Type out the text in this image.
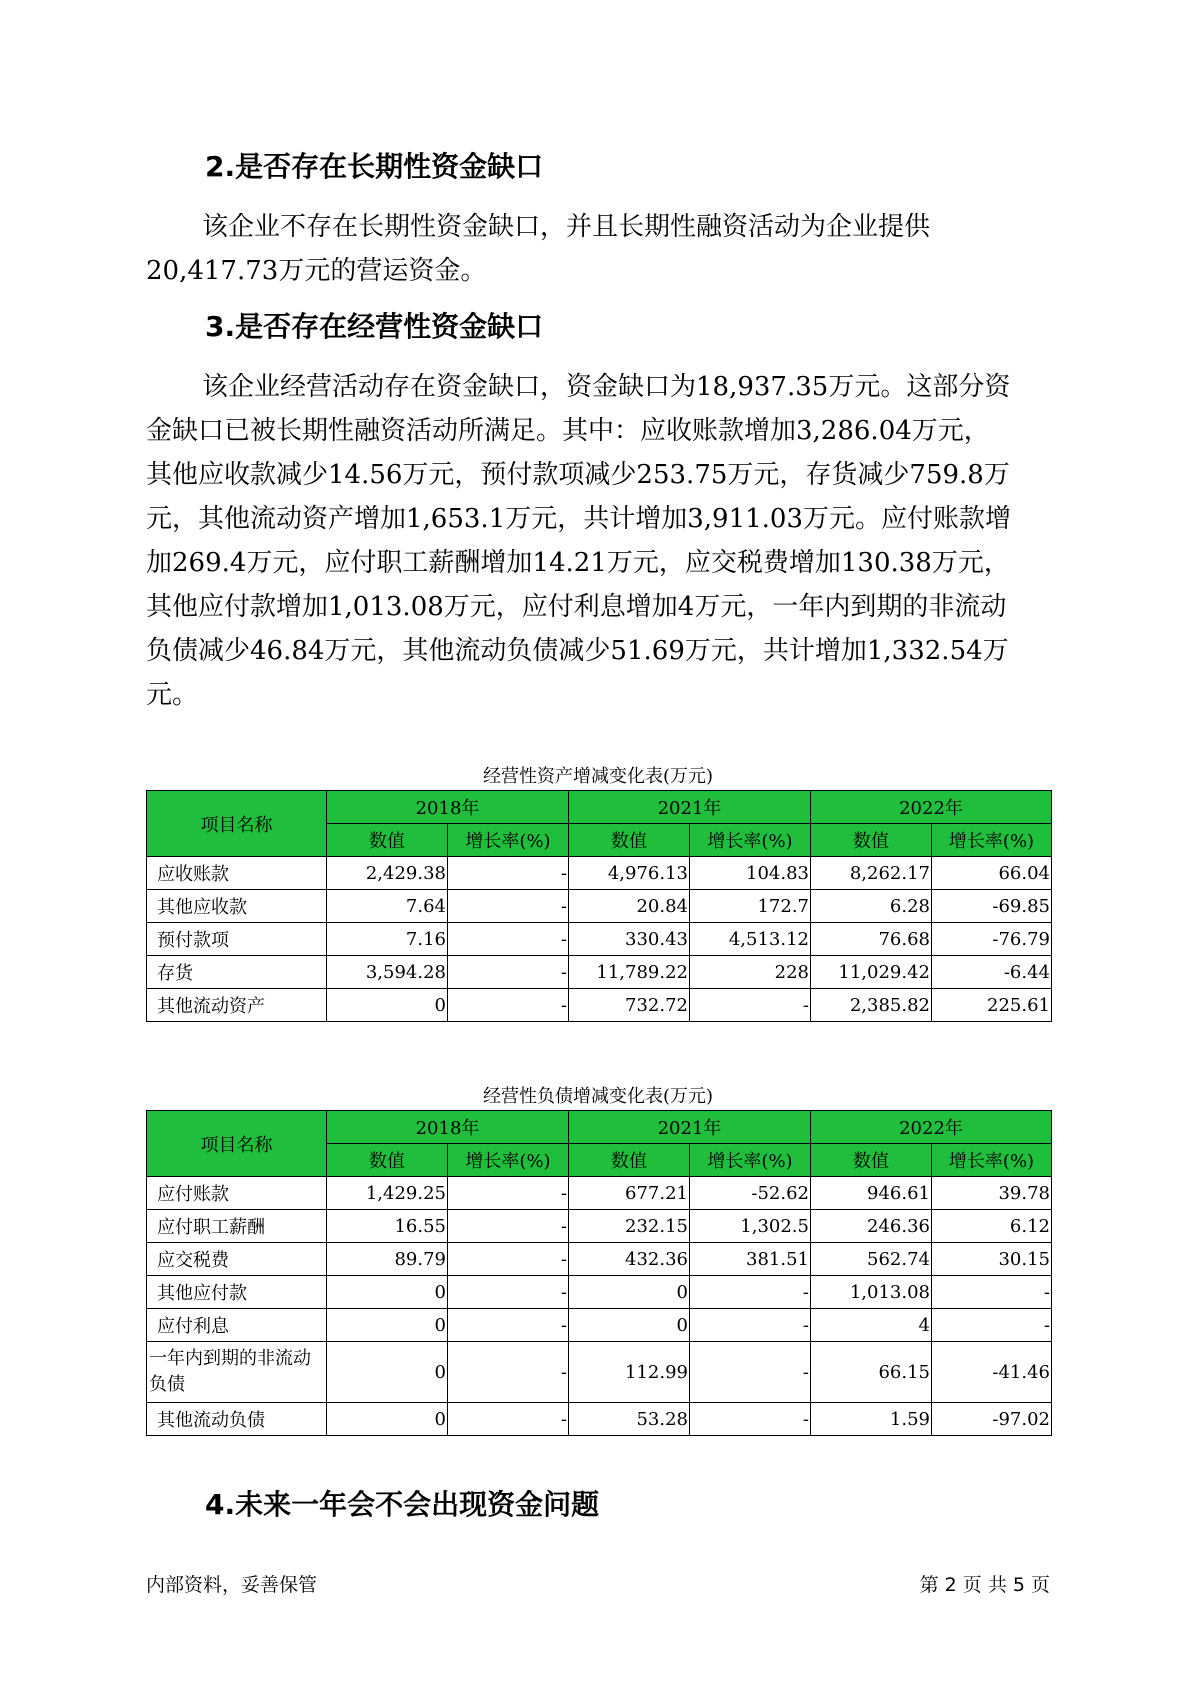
2.是否存在长期性资金缺口
该企业不存在长期性资金缺口，并且长期性融资活动为企业提供
20,417.73万元的营运资金。
3.是否存在经营性资金缺口
该企业经营活动存在资金缺口，资金缺口为18,937.35万元。这部分资
金缺口已被长期性融资活动所满足。其中：应收账款增加3,286.04万元，
其他应收款减少14.56万元，预付款项减少253.75万元，存货减少759.8万
元，其他流动资产增加1,653.1万元，共计增加3,911.03万元。应付账款增
加269.4万元，应付职工薪酬增加14.21万元，应交税费增加130.38万元，
其他应付款增加1,013.08万元，应付利息增加4万元，一年内到期的非流动
负债减少46.84万元，其他流动负债减少51.69万元，共计增加1,332.54万
元。
经营性资产增减变化表(万元)
项目名称	2018年		2021年		2022年	
	数值	增长率(%)	数值	增长率(%)	数值	增长率(%)
应收账款	2,429.38	-	4,976.13	104.83	8,262.17	66.04
其他应收款	7.64	-	20.84	172.7	6.28	-69.85
预付款项	7.16	-	330.43	4,513.12	76.68	-76.79
存货	3,594.28	-	11,789.22	228	11,029.42	-6.44
其他流动资产	0	-	732.72	-	2,385.82	225.61
经营性负债增减变化表(万元)
项目名称	2018年		2021年		2022年	
	数值	增长率(%)	数值	增长率(%)	数值	增长率(%)
应付账款	1,429.25	-	677.21	-52.62	946.61	39.78
应付职工薪酬	16.55	-	232.15	1,302.5	246.36	6.12
应交税费	89.79	-	432.36	381.51	562.74	30.15
其他应付款	0	-	0	-	1,013.08	-
应付利息	0	-	0	-	4	-
一年内到期的非流动负债	0	-	112.99	-	66.15	-41.46
其他流动负债	0	-	53.28	-	1.59	-97.02
4.未来一年会不会出现资金问题
内部资料，妥善保管	第 2 页 共 5 页
